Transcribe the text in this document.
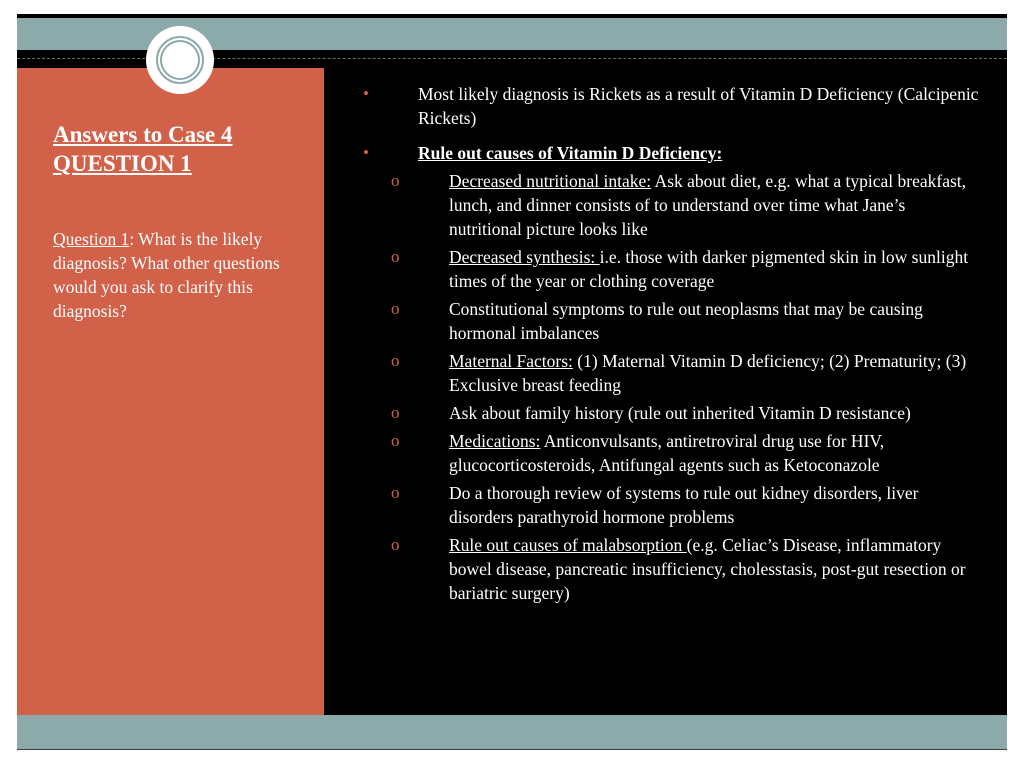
Answers to Case 4
QUESTION 1
Question 1: What is the likely diagnosis? What other questions would you ask to clarify this diagnosis?
•	Most likely diagnosis is Rickets as a result of Vitamin D Deficiency (Calcipenic Rickets)
•	Rule out causes of Vitamin D Deficiency:
o	Decreased nutritional intake: Ask about diet, e.g. what a typical breakfast, lunch, and dinner consists of to understand over time what Jane’s nutritional picture looks like
o	Decreased synthesis: i.e. those with darker pigmented skin in low sunlight times of the year or clothing coverage
o	Constitutional symptoms to rule out neoplasms that may be causing hormonal imbalances
o	Maternal Factors: (1) Maternal Vitamin D deficiency; (2) Prematurity; (3) Exclusive breast feeding
o	Ask about family history (rule out inherited Vitamin D resistance)
o	Medications: Anticonvulsants, antiretroviral drug use for HIV, glucocorticosteroids, Antifungal agents such as Ketoconazole
o	Do a thorough review of systems to rule out kidney disorders, liver disorders parathyroid hormone problems
o	Rule out causes of malabsorption (e.g. Celiac’s Disease, inflammatory bowel disease, pancreatic insufficiency, cholesstasis, post-gut resection or bariatric surgery)
